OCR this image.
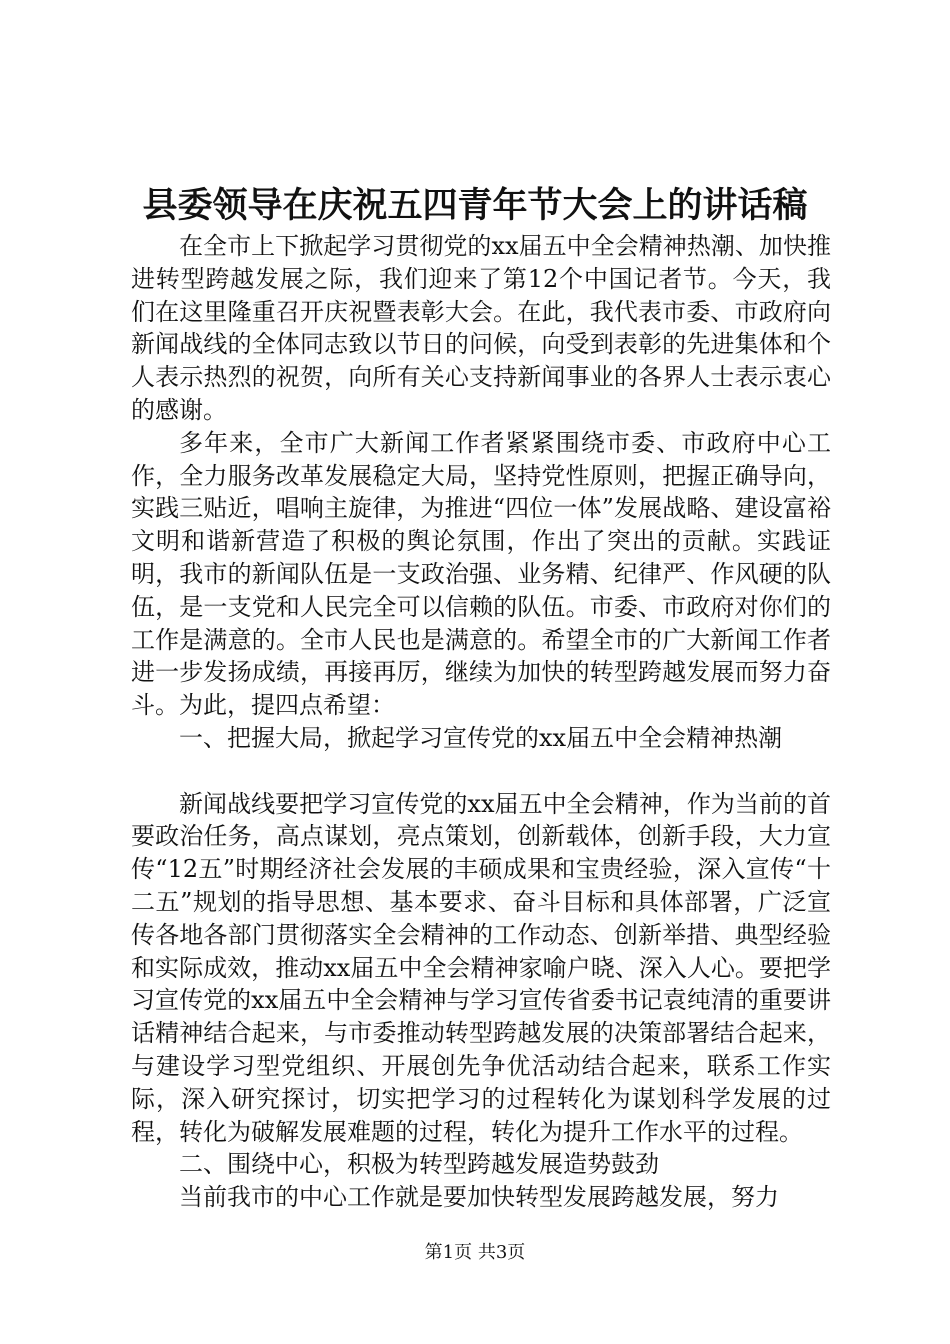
县委领导在庆祝五四青年节大会上的讲话稿

在全市上下掀起学习贯彻党的xx届五中全会精神热潮、加快推进转型跨越发展之际，我们迎来了第12个中国记者节。今天，我们在这里隆重召开庆祝暨表彰大会。在此，我代表市委、市政府向新闻战线的全体同志致以节日的问候，向受到表彰的先进集体和个人表示热烈的祝贺，向所有关心支持新闻事业的各界人士表示衷心的感谢。

多年来，全市广大新闻工作者紧紧围绕市委、市政府中心工作，全力服务改革发展稳定大局，坚持党性原则，把握正确导向，实践三贴近，唱响主旋律，为推进“四位一体”发展战略、建设富裕文明和谐新营造了积极的舆论氛围，作出了突出的贡献。实践证明，我市的新闻队伍是一支政治强、业务精、纪律严、作风硬的队伍，是一支党和人民完全可以信赖的队伍。市委、市政府对你们的工作是满意的。全市人民也是满意的。希望全市的广大新闻工作者进一步发扬成绩，再接再厉，继续为加快的转型跨越发展而努力奋斗。为此，提四点希望：

一、把握大局，掀起学习宣传党的xx届五中全会精神热潮

新闻战线要把学习宣传党的xx届五中全会精神，作为当前的首要政治任务，高点谋划，亮点策划，创新载体，创新手段，大力宣传“12五”时期经济社会发展的丰硕成果和宝贵经验，深入宣传“十二五”规划的指导思想、基本要求、奋斗目标和具体部署，广泛宣传各地各部门贯彻落实全会精神的工作动态、创新举措、典型经验和实际成效，推动xx届五中全会精神家喻户晓、深入人心。要把学习宣传党的xx届五中全会精神与学习宣传省委书记袁纯清的重要讲话精神结合起来，与市委推动转型跨越发展的决策部署结合起来，与建设学习型党组织、开展创先争优活动结合起来，联系工作实际，深入研究探讨，切实把学习的过程转化为谋划科学发展的过程，转化为破解发展难题的过程，转化为提升工作水平的过程。

二、围绕中心，积极为转型跨越发展造势鼓劲

当前我市的中心工作就是要加快转型发展跨越发展，努力

第1页 共3页
